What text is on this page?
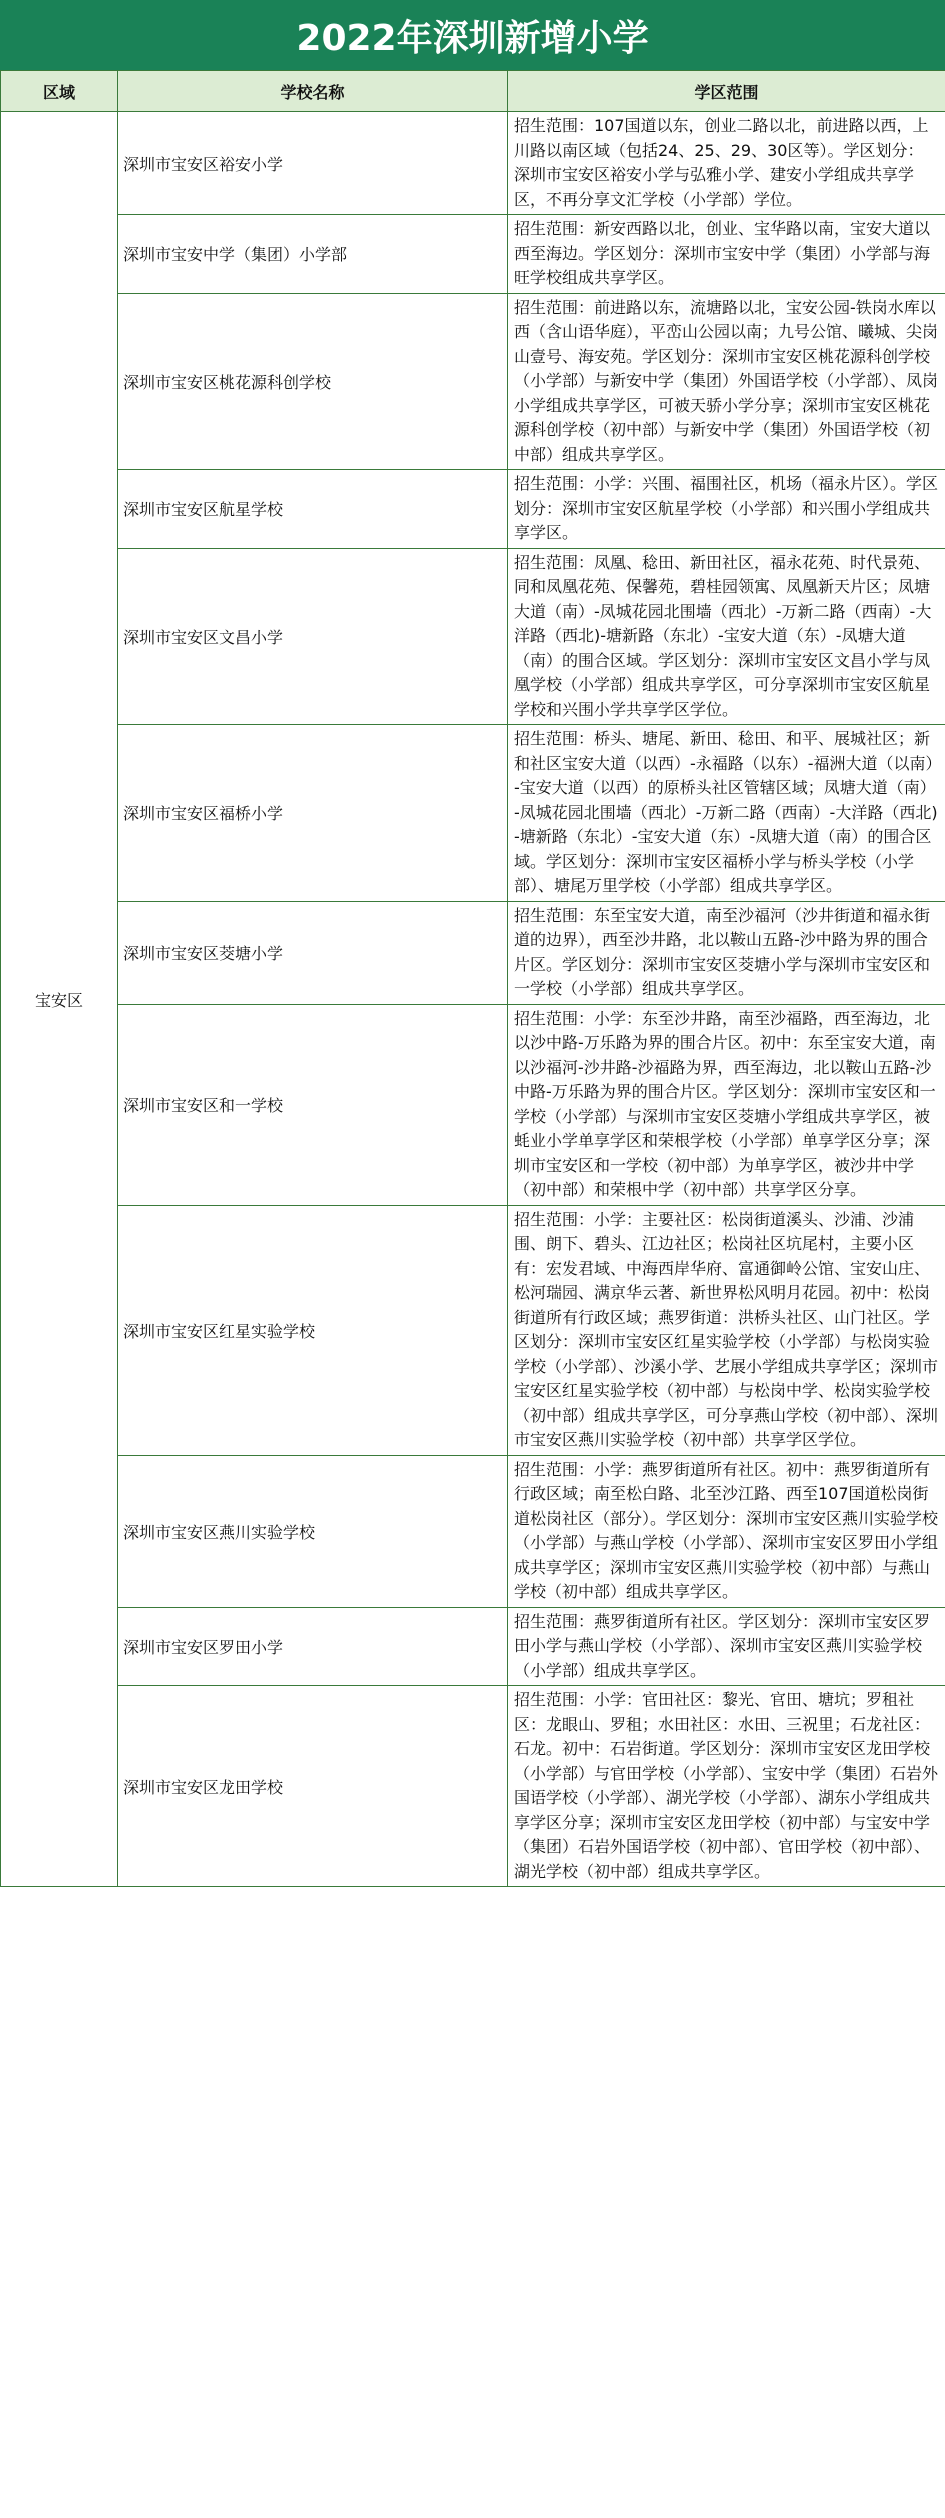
2022年深圳新增小学
区域	学校名称	学区范围
宝安区	深圳市宝安区裕安小学	招生范围：107国道以东，创业二路以北，前进路以西，上川路以南区域（包括24、25、29、30区等）。学区划分：深圳市宝安区裕安小学与弘雅小学、建安小学组成共享学区，不再分享文汇学校（小学部）学位。
	深圳市宝安中学（集团）小学部	招生范围：新安西路以北，创业、宝华路以南，宝安大道以西至海边。学区划分：深圳市宝安中学（集团）小学部与海旺学校组成共享学区。
	深圳市宝安区桃花源科创学校	招生范围：前进路以东，流塘路以北，宝安公园-铁岗水库以西（含山语华庭），平峦山公园以南；九号公馆、曦城、尖岗山壹号、海安苑。学区划分：深圳市宝安区桃花源科创学校（小学部）与新安中学（集团）外国语学校（小学部）、凤岗小学组成共享学区，可被天骄小学分享；深圳市宝安区桃花源科创学校（初中部）与新安中学（集团）外国语学校（初中部）组成共享学区。
	深圳市宝安区航星学校	招生范围：小学：兴围、福围社区，机场（福永片区）。学区划分：深圳市宝安区航星学校（小学部）和兴围小学组成共享学区。
	深圳市宝安区文昌小学	招生范围：凤凰、稔田、新田社区，福永花苑、时代景苑、同和凤凰花苑、保馨苑，碧桂园领寓、凤凰新天片区；凤塘大道（南）-凤城花园北围墙（西北）-万新二路（西南）-大洋路（西北)-塘新路（东北）-宝安大道（东）-凤塘大道（南）的围合区域。学区划分：深圳市宝安区文昌小学与凤凰学校（小学部）组成共享学区，可分享深圳市宝安区航星学校和兴围小学共享学区学位。
	深圳市宝安区福桥小学	招生范围：桥头、塘尾、新田、稔田、和平、展城社区；新和社区宝安大道（以西）-永福路（以东）-福洲大道（以南）-宝安大道（以西）的原桥头社区管辖区域；凤塘大道（南）-凤城花园北围墙（西北）-万新二路（西南）-大洋路（西北)-塘新路（东北）-宝安大道（东）-凤塘大道（南）的围合区域。学区划分：深圳市宝安区福桥小学与桥头学校（小学部）、塘尾万里学校（小学部）组成共享学区。
	深圳市宝安区茭塘小学	招生范围：东至宝安大道，南至沙福河（沙井街道和福永街道的边界），西至沙井路，北以鞍山五路-沙中路为界的围合片区。学区划分：深圳市宝安区茭塘小学与深圳市宝安区和一学校（小学部）组成共享学区。
	深圳市宝安区和一学校	招生范围：小学：东至沙井路，南至沙福路，西至海边，北以沙中路-万乐路为界的围合片区。初中：东至宝安大道，南以沙福河-沙井路-沙福路为界，西至海边，北以鞍山五路-沙中路-万乐路为界的围合片区。学区划分：深圳市宝安区和一学校（小学部）与深圳市宝安区茭塘小学组成共享学区，被蚝业小学单享学区和荣根学校（小学部）单享学区分享；深圳市宝安区和一学校（初中部）为单享学区，被沙井中学（初中部）和荣根中学（初中部）共享学区分享。
	深圳市宝安区红星实验学校	招生范围：小学：主要社区：松岗街道溪头、沙浦、沙浦围、朗下、碧头、江边社区；松岗社区坑尾村，主要小区有：宏发君域、中海西岸华府、富通御岭公馆、宝安山庄、松河瑞园、满京华云著、新世界松风明月花园。初中：松岗街道所有行政区域；燕罗街道：洪桥头社区、山门社区。学区划分：深圳市宝安区红星实验学校（小学部）与松岗实验学校（小学部）、沙溪小学、艺展小学组成共享学区；深圳市宝安区红星实验学校（初中部）与松岗中学、松岗实验学校（初中部）组成共享学区，可分享燕山学校（初中部）、深圳市宝安区燕川实验学校（初中部）共享学区学位。
	深圳市宝安区燕川实验学校	招生范围：小学：燕罗街道所有社区。初中：燕罗街道所有行政区域；南至松白路、北至沙江路、西至107国道松岗街道松岗社区（部分）。学区划分：深圳市宝安区燕川实验学校（小学部）与燕山学校（小学部）、深圳市宝安区罗田小学组成共享学区；深圳市宝安区燕川实验学校（初中部）与燕山学校（初中部）组成共享学区。
	深圳市宝安区罗田小学	招生范围：燕罗街道所有社区。学区划分：深圳市宝安区罗田小学与燕山学校（小学部）、深圳市宝安区燕川实验学校（小学部）组成共享学区。
	深圳市宝安区龙田学校	招生范围：小学：官田社区：黎光、官田、塘坑；罗租社区：龙眼山、罗租；水田社区：水田、三祝里；石龙社区：石龙。初中：石岩街道。学区划分：深圳市宝安区龙田学校（小学部）与官田学校（小学部）、宝安中学（集团）石岩外国语学校（小学部）、湖光学校（小学部）、湖东小学组成共享学区分享；深圳市宝安区龙田学校（初中部）与宝安中学（集团）石岩外国语学校（初中部）、官田学校（初中部）、湖光学校（初中部）组成共享学区。
